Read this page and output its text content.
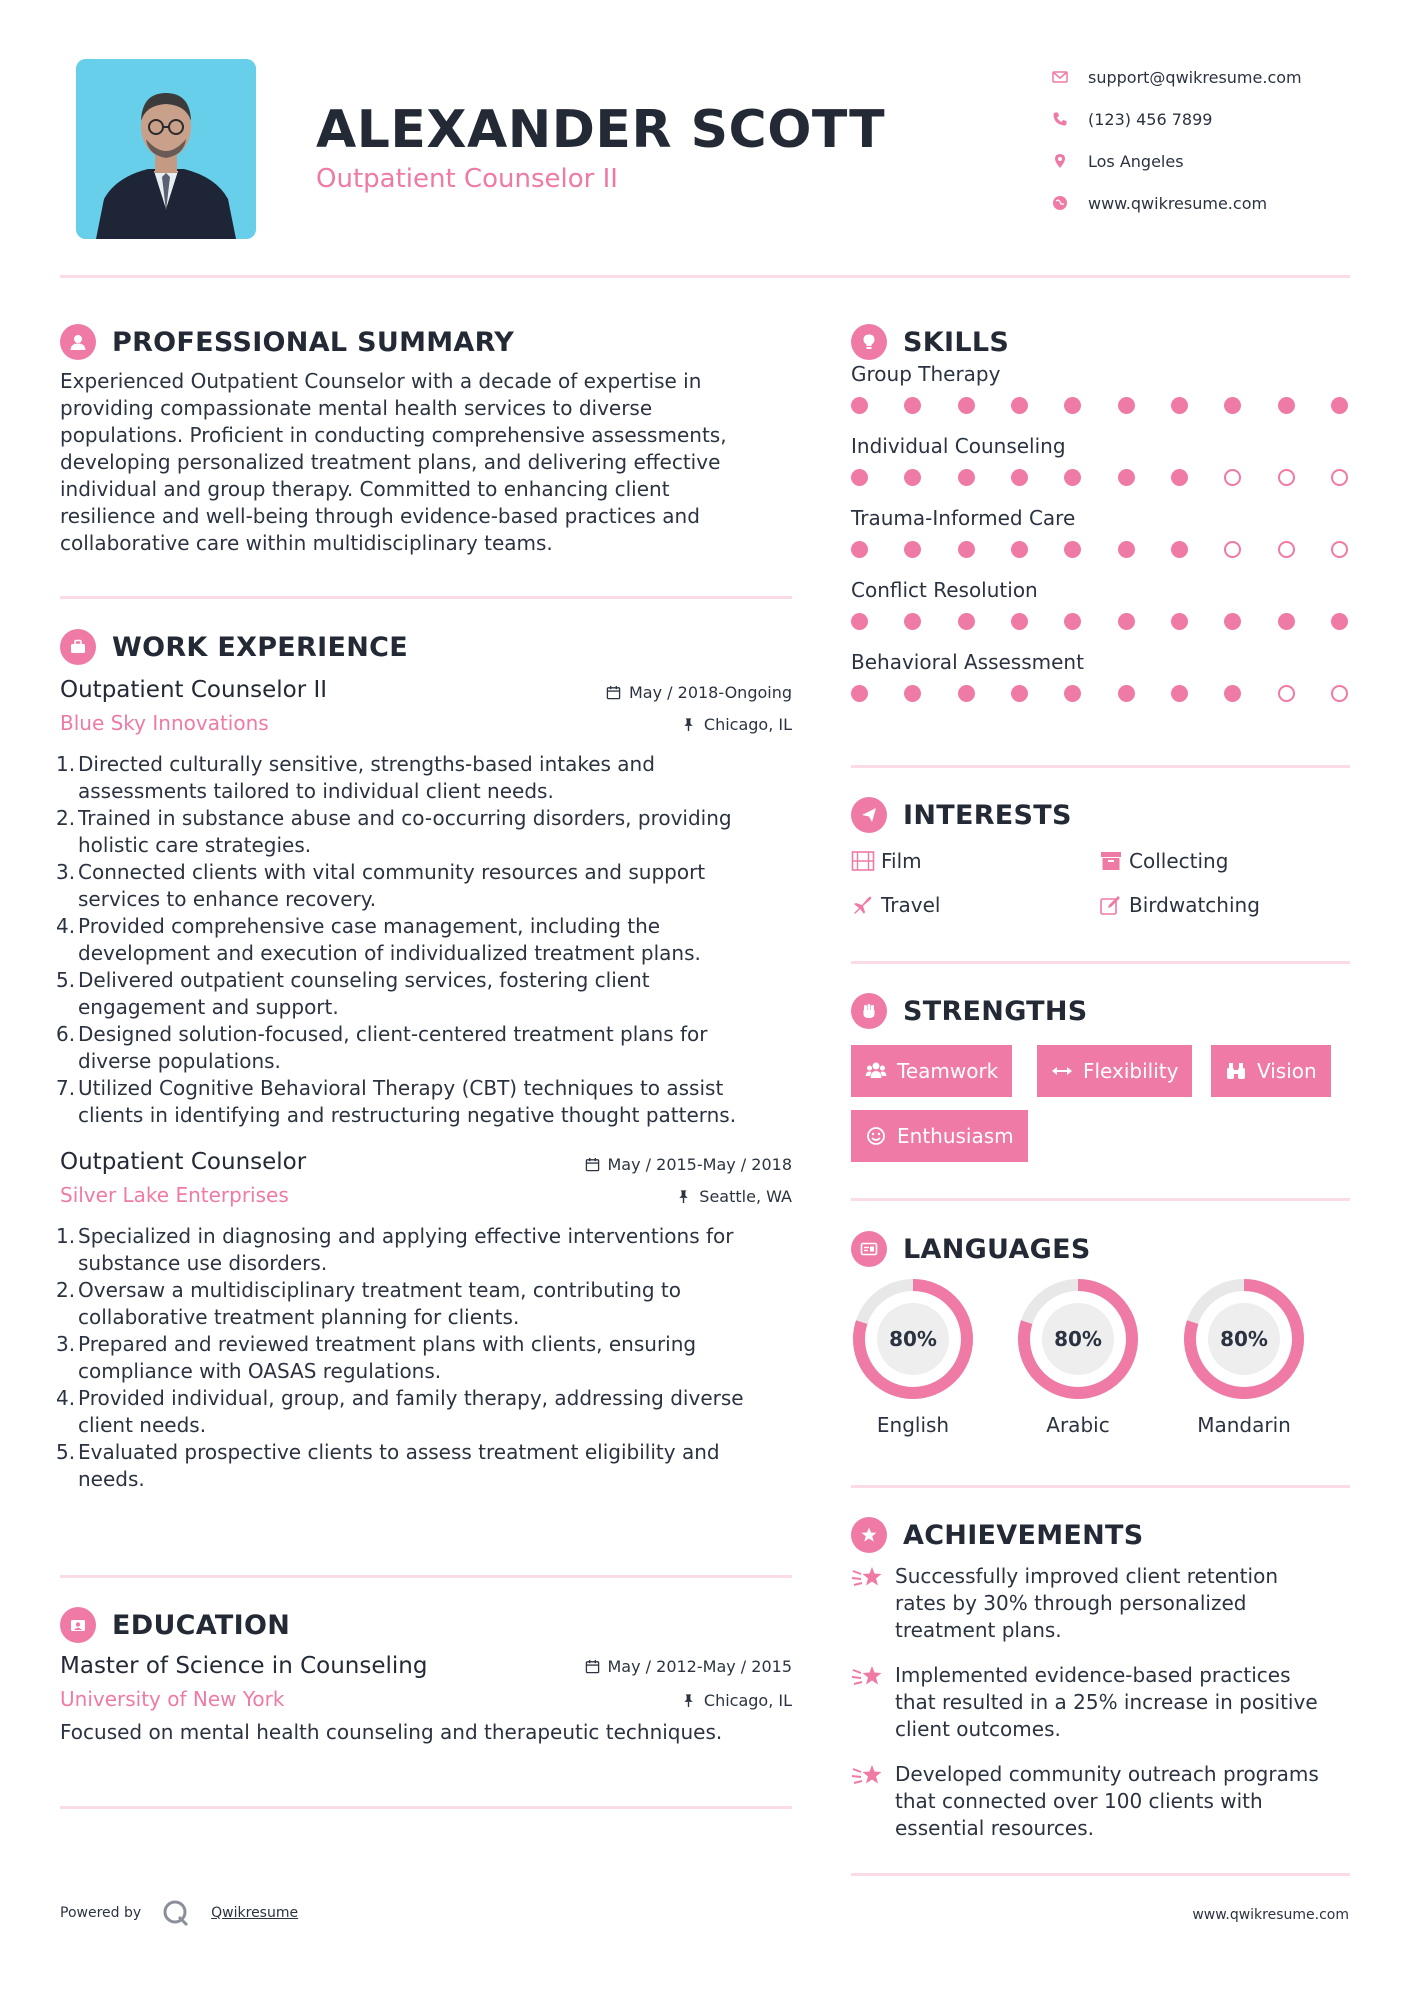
ALEXANDER SCOTT
Outpatient Counselor II
support@qwikresume.com
(123) 456 7899
Los Angeles
www.qwikresume.com
PROFESSIONAL SUMMARY
Experienced Outpatient Counselor with a decade of expertise in
providing compassionate mental health services to diverse
populations. Proficient in conducting comprehensive assessments,
developing personalized treatment plans, and delivering effective
individual and group therapy. Committed to enhancing client
resilience and well-being through evidence-based practices and
collaborative care within multidisciplinary teams.
WORK EXPERIENCE
Outpatient Counselor II
Blue Sky Innovations
May / 2018-Ongoing
Chicago, IL
Directed culturally sensitive, strengths-based intakes and
assessments tailored to individual client needs.
Trained in substance abuse and co-occurring disorders, providing
holistic care strategies.
Connected clients with vital community resources and support
services to enhance recovery.
Provided comprehensive case management, including the
development and execution of individualized treatment plans.
Delivered outpatient counseling services, fostering client
engagement and support.
Designed solution-focused, client-centered treatment plans for
diverse populations.
Utilized Cognitive Behavioral Therapy (CBT) techniques to assist
clients in identifying and restructuring negative thought patterns.
Outpatient Counselor
Silver Lake Enterprises
May / 2015-May / 2018
Seattle, WA
Specialized in diagnosing and applying effective interventions for
substance use disorders.
Oversaw a multidisciplinary treatment team, contributing to
collaborative treatment planning for clients.
Prepared and reviewed treatment plans with clients, ensuring
compliance with OASAS regulations.
Provided individual, group, and family therapy, addressing diverse
client needs.
Evaluated prospective clients to assess treatment eligibility and
needs.
EDUCATION
Master of Science in Counseling
University of New York
May / 2012-May / 2015
Chicago, IL
Focused on mental health counseling and therapeutic techniques.
SKILLS
Group Therapy
Individual Counseling
Trauma-Informed Care
Conflict Resolution
Behavioral Assessment
INTERESTS
Film	Collecting
Travel	Birdwatching
STRENGTHS
Teamwork	Flexibility	Vision
Enthusiasm
LANGUAGES
80%
English
80%
Arabic
80%
Mandarin
ACHIEVEMENTS
Successfully improved client retention
rates by 30% through personalized
treatment plans.
Implemented evidence-based practices
that resulted in a 25% increase in positive
client outcomes.
Developed community outreach programs
that connected over 100 clients with
essential resources.
Powered by	Qwikresume	www.qwikresume.com
